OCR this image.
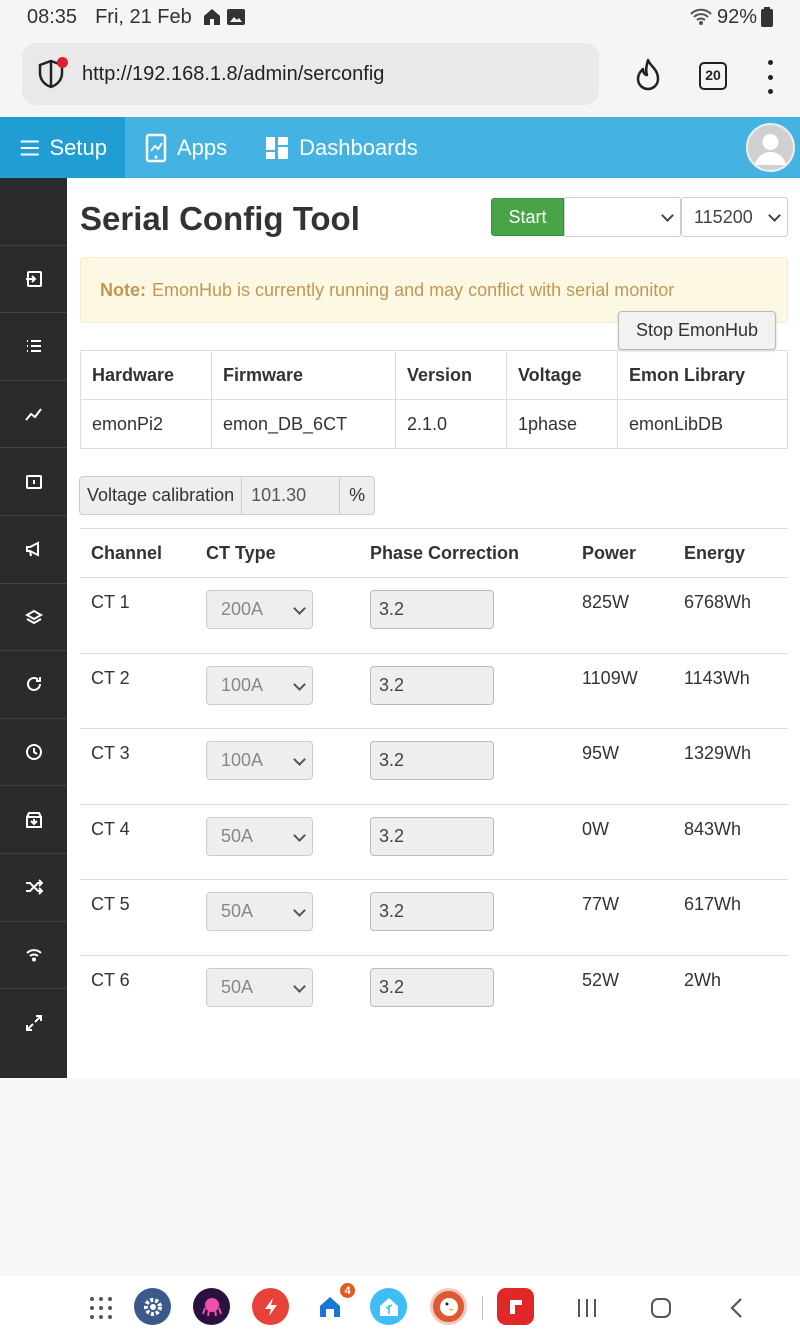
08:35 Fri, 21 Feb	92%
http://192.168.1.8/admin/serconfig	20
Setup	Apps	Dashboards
Serial Config Tool	Start	115200
Note: EmonHub is currently running and may conflict with serial monitor
Stop EmonHub
Hardware	Firmware	Version	Voltage	Emon Library
emonPi2	emon_DB_6CT	2.1.0	1phase	emonLibDB
Voltage calibration 101.30	%
Channel	CT Type	Phase Correction	Power	Energy
CT 1	200A	3.2	825W	6768Wh
CT 2	100A	3.2	1109W	1143Wh
CT 3	100A	3.2	95W	1329Wh
CT 4	50A	3.2	0W	843Wh
CT 5	50A	3.2	77W	617Wh
CT 6	50A	3.2	52W	2Wh
4
